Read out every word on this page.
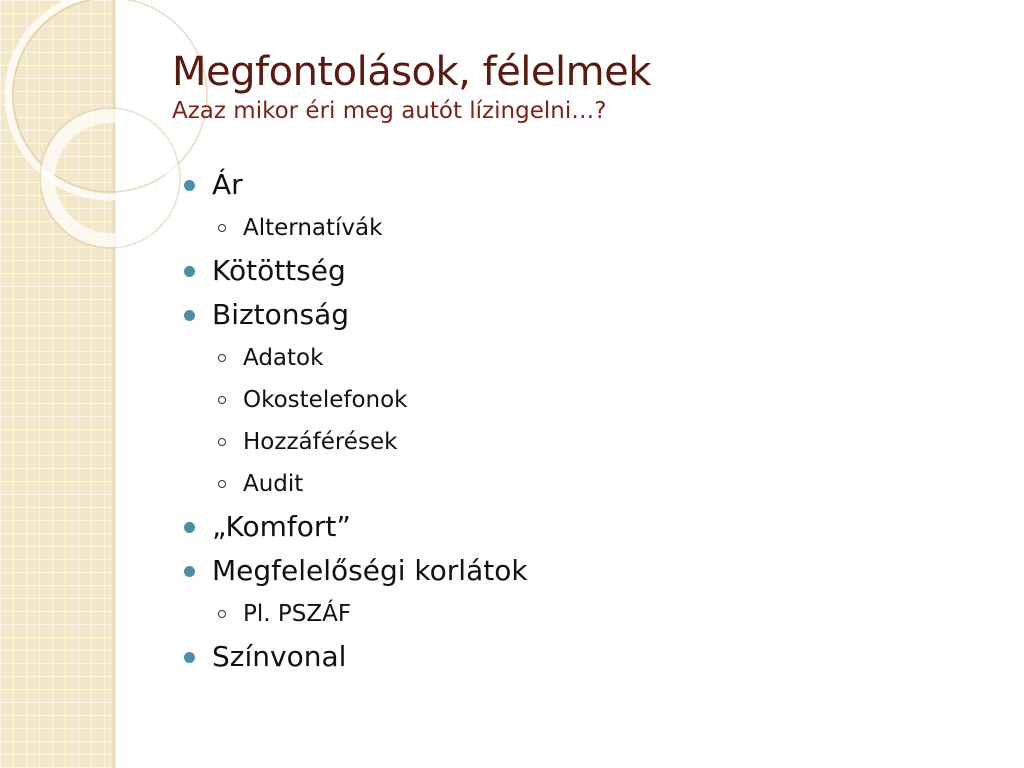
Megfontolások, félelmek
Azaz mikor éri meg autót lízingelni…?
Ár
Alternatívák
Kötöttség
Biztonság
Adatok
Okostelefonok
Hozzáférések
Audit
„Komfort”
Megfelelőségi korlátok
Pl. PSZÁF
Színvonal
